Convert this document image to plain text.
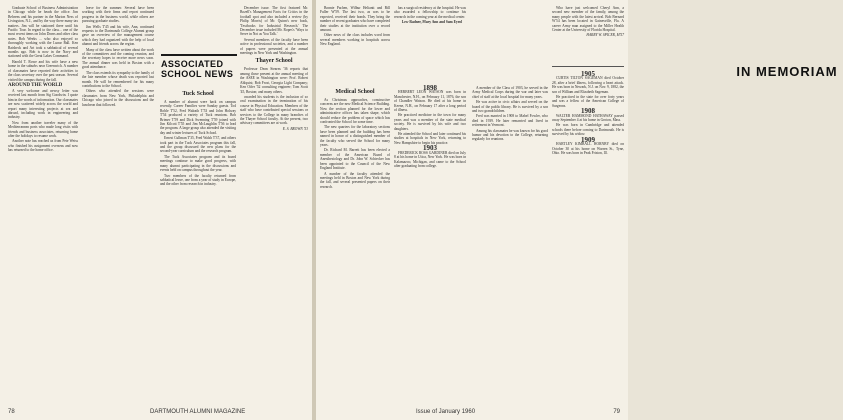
Graduate School of Business Administration in Chicago while he heads the office. Jim Behrens and his partner in the Marion Ness of Livingston, N.J., and by the way there many tax matters. Jim will be stationed there until his Pacific Tour. In regard to the class... one of the most recent items on John Dorns and other class notes. Bob Weeks ... who also enjoyed so thoroughly working with the Lunar Ball. Ken Raisbeck and Art took a sabbatical of several months ago. Bob is now in the Navy and stationed with the Great Lakes Command.

Harold T. Rowe and his wife have a new home in the suburbs near Greenwich. A number of classmates have reported their activities to the class secretary over the past season. Several visited the campus during the fall.

AROUND THE WORLD

A very welcome and newsy letter was received last month from Sig Goodwin. I quote him in the words of information. Our classmates are now scattered widely across the world and report many interesting projects at sea and abroad, including work in engineering and industry.

Now from another traveler many of the Mediterranean ports who made long visits with friends and business associates, returning home after the holidays to resume work.

Another note has reached us from Pete Weiss who finished his assignment overseas and now has returned to the home office.

ASSOCIATED
SCHOOL NEWS

leave for the summer. Several have been working with their firms and report continued progress in the business world, while others are pursuing graduate studies.

Jim Wells T'45 and his wife, Ann, continued requests to the Dartmouth College Alumni group gave an overview of the management course which they had organized with the help of local alumni and friends across the region.

Many of the class have written about the work of the committees and the coming reunion, and the secretary hopes to receive more news soon. The annual dinner was held in Boston with a good attendance.

The class extends its sympathy to the family of the late member whose death was reported last month. He will be remembered for his many contributions to the School.

Others who attended the sessions were classmates from New York, Philadelphia and Chicago who joined in the discussions and the luncheon that followed.

Tuck School

A number of alumni were back on campus recently. Career Families were Sunday guests. Tod Roble T'52, Fred Walrath T'53 and John Holway T'54 produced a variety of Tuck reunions. Bob Brimer T'59 and Dick Swenning T'59 joined with Jim Kilcott T'55 and Jim McLaughlin T'56 to lead the program. A large group also attended the visiting day and winter lectures of Tuck School.

Ernest Cullman T'35, Fred Walsh T'37, and others took part in the Tuck Associates program this fall, and the group discussed the new plans for the second-year curriculum and the research program.

The Tuck Associates program and its board meetings continue to make good progress, with many alumni participating in the discussions and events held on campus throughout the year.

Two members of the faculty returned from sabbatical leave, one from a year of study in Europe, and the other from research in industry.

December issue. The first featured Mr. Bozell's Management Facts for Critics in the football spot and also included a review (by Philip Morris) of Mr. Quinn's new book, 'Textbooks for Industrial Research.' The December issue included Mr. Ropes's 'Ways to Serve in Not as You Talk.'

Several members of the faculty have been active in professional societies, and a number of papers were presented at the annual meetings in New York and Washington.

Thayer School

Professor Dean Stearns '36 reports that among those present at the annual meeting of the ASEE in Washington were: Prof. Robert Ahlquist; Bob Frost, Georgia Light Company; Ken Oifer '52 consulting engineer; Tom Scott '45, Boston; and many others.

awarded his students is the inclusion of so oral examination in the termination of his course in Physical Education. Members of the staff who have contributed special sessions or services to the College in many branches of the Thayer School faculty. At the present, two advisory committees are at work.

E. S. BROWN '53

78	DARTMOUTH ALUMNI MAGAZINE

Bonnie Pachen, Wilbur Heliantt and Bill Fuller W'59. The last two, as was to be expected, received their bonds. They bring the number of recent graduates who have completed their studies at the institution over a record amount.

Other news of the class includes word from several members working in hospitals across New England.

has a surgical residency at the hospital. He was also awarded a fellowship to continue his research in the coming year at the medical center.

Lew Radner, Mary Ann and Sam Eyrol

Who have just welcomed Cheryl Ann, a second new member of the family, among the many people with the latest arrival. Bob Bernard W'54 has been located in Gainesville, Fla. A career Army man assigned to the Miller Health Center at the University of Florida Hospital.

HARRY W. SPICER, M'57

IN MEMORIAM
Medical School

As Christmas approaches, constructive concerns are the new Medical Science Building. Now the section planned for the lower and administrative offices has taken shape, which should reduce the problem of space which has confronted the School for some time.

The new quarters for the laboratory sections have been planned and the building has been named in honor of a distinguished member of the faculty who served the School for many years.

Dr. Richard M. Barrett has been elected a member of the American Board of Anesthesiology and Dr. John W. Schiecker has been appointed to the Council of the New England Institute.

A number of the faculty attended the meetings held in Boston and New York during the fall, and several presented papers on their research.

1898

HERBERT LEON WATSON was born in Manchester, N.H., on February 11, 1876, the son of Chandler Watson. He died at his home in Keene, N.H., on February 17 after a long period of illness.

He practiced medicine in the town for many years and was a member of the state medical society. He is survived by his wife and two daughters.

He attended the School and later continued his studies at hospitals in New York, returning to New Hampshire to begin his practice.

1903

FREDERICK ROSS GARDINER died on July 8 at his home in Utica, New York. He was born in Kalamazoo, Michigan, and came to the School after graduating from college.

A member of the Class of 1903, he served in the Army Medical Corps during the war and later was chief of staff at the local hospital for many years.

He was active in civic affairs and served on the board of the public library. He is survived by a son and two grandchildren.

Fred was married in 1908 to Mabel Fowler, who died in 1939. He later remarried and lived in retirement in Vermont.

Among his classmates he was known for his good humor and his devotion to the College, returning regularly for reunions.

1905

CURTIS TILTON SAGEMAN died October 28, after a brief illness, following a heart attack. He was born in Newark, N.J. on Nov. 9, 1882, the son of William and Elizabeth Sageman.

He practiced in the state for over forty years and was a fellow of the American College of Surgeons.

1908

WALTER HAMMOND HATHAWAY passed away September 4 at his home in Groton, Mass.

He was born in Cambridge and attended schools there before coming to Dartmouth. He is survived by his widow.

1909

HARTLEY KIMBALL HORNBY died on October 30 at his home on Warren St., Tyne, Ohio. He was born in Peak Friston, Ill.

Issue of January 1960	79
